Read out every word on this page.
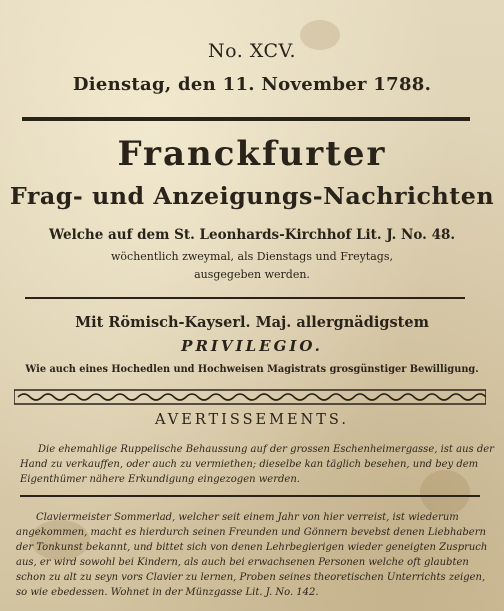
No. XCV.
Dienstag, den 11. November 1788.
Franckfurter
Frag- und Anzeigungs-Nachrichten
Welche auf dem St. Leonhards-Kirchhof Lit. J. No. 48.
wöchentlich zweymal, als Dienstags und Freytags,
ausgegeben werden.
Mit Römisch-Kayserl. Maj. allergnädigstem
PRIVILEGIO.
Wie auch eines Hochedlen und Hochweisen Magistrats grosgünstiger Bewilligung.
AVERTISSEMENTS.
Die ehemahlige Ruppelische Behaussung auf der grossen Eschenheimergasse, ist aus der
Hand zu verkauffen, oder auch zu vermiethen; dieselbe kan täglich besehen, und bey dem
Eigenthümer nähere Erkundigung eingezogen werden.
Claviermeister Sommerlad, welcher seit einem Jahr von hier verreist, ist wiederum
angekommen, macht es hierdurch seinen Freunden und Gönnern bevebst denen Liebhabern
der Tonkunst bekannt, und bittet sich von denen Lehrbegierigen wieder geneigten Zuspruch
aus, er wird sowohl bei Kindern, als auch bei erwachsenen Personen welche oft glaubten
schon zu alt zu seyn vors Clavier zu lernen, Proben seines theoretischen Unterrichts zeigen,
so wie ebedessen. Wohnet in der Münzgasse Lit. J. No. 142.
